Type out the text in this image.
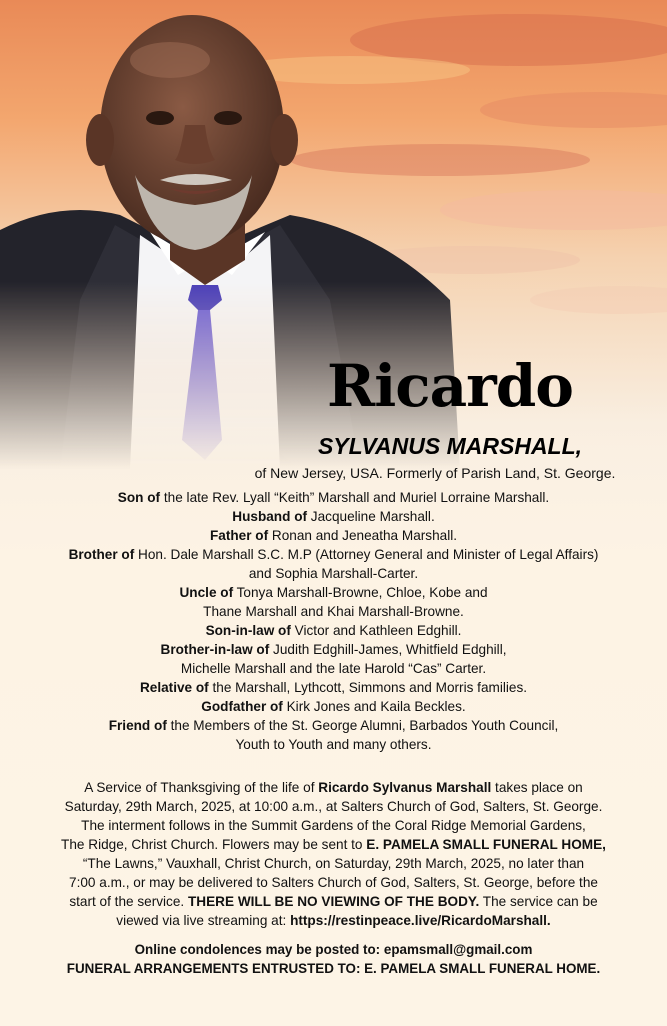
Ricardo
SYLVANUS MARSHALL,
of New Jersey, USA. Formerly of Parish Land, St. George.
Son of the late Rev. Lyall “Keith” Marshall and Muriel Lorraine Marshall.
Husband of Jacqueline Marshall.
Father of Ronan and Jeneatha Marshall.
Brother of Hon. Dale Marshall S.C. M.P (Attorney General and Minister of Legal Affairs)
and Sophia Marshall-Carter.
Uncle of Tonya Marshall-Browne, Chloe, Kobe and
Thane Marshall and Khai Marshall-Browne.
Son-in-law of Victor and Kathleen Edghill.
Brother-in-law of Judith Edghill-James, Whitfield Edghill,
Michelle Marshall and the late Harold “Cas” Carter.
Relative of the Marshall, Lythcott, Simmons and Morris families.
Godfather of Kirk Jones and Kaila Beckles.
Friend of the Members of the St. George Alumni, Barbados Youth Council,
Youth to Youth and many others.
A Service of Thanksgiving of the life of Ricardo Sylvanus Marshall takes place on
Saturday, 29th March, 2025, at 10:00 a.m., at Salters Church of God, Salters, St. George.
The interment follows in the Summit Gardens of the Coral Ridge Memorial Gardens,
The Ridge, Christ Church. Flowers may be sent to E. PAMELA SMALL FUNERAL HOME,
“The Lawns,” Vauxhall, Christ Church, on Saturday, 29th March, 2025, no later than
7:00 a.m., or may be delivered to Salters Church of God, Salters, St. George, before the
start of the service. THERE WILL BE NO VIEWING OF THE BODY. The service can be
viewed via live streaming at: https://restinpeace.live/RicardoMarshall.
Online condolences may be posted to: epamsmall@gmail.com
FUNERAL ARRANGEMENTS ENTRUSTED TO: E. PAMELA SMALL FUNERAL HOME.
